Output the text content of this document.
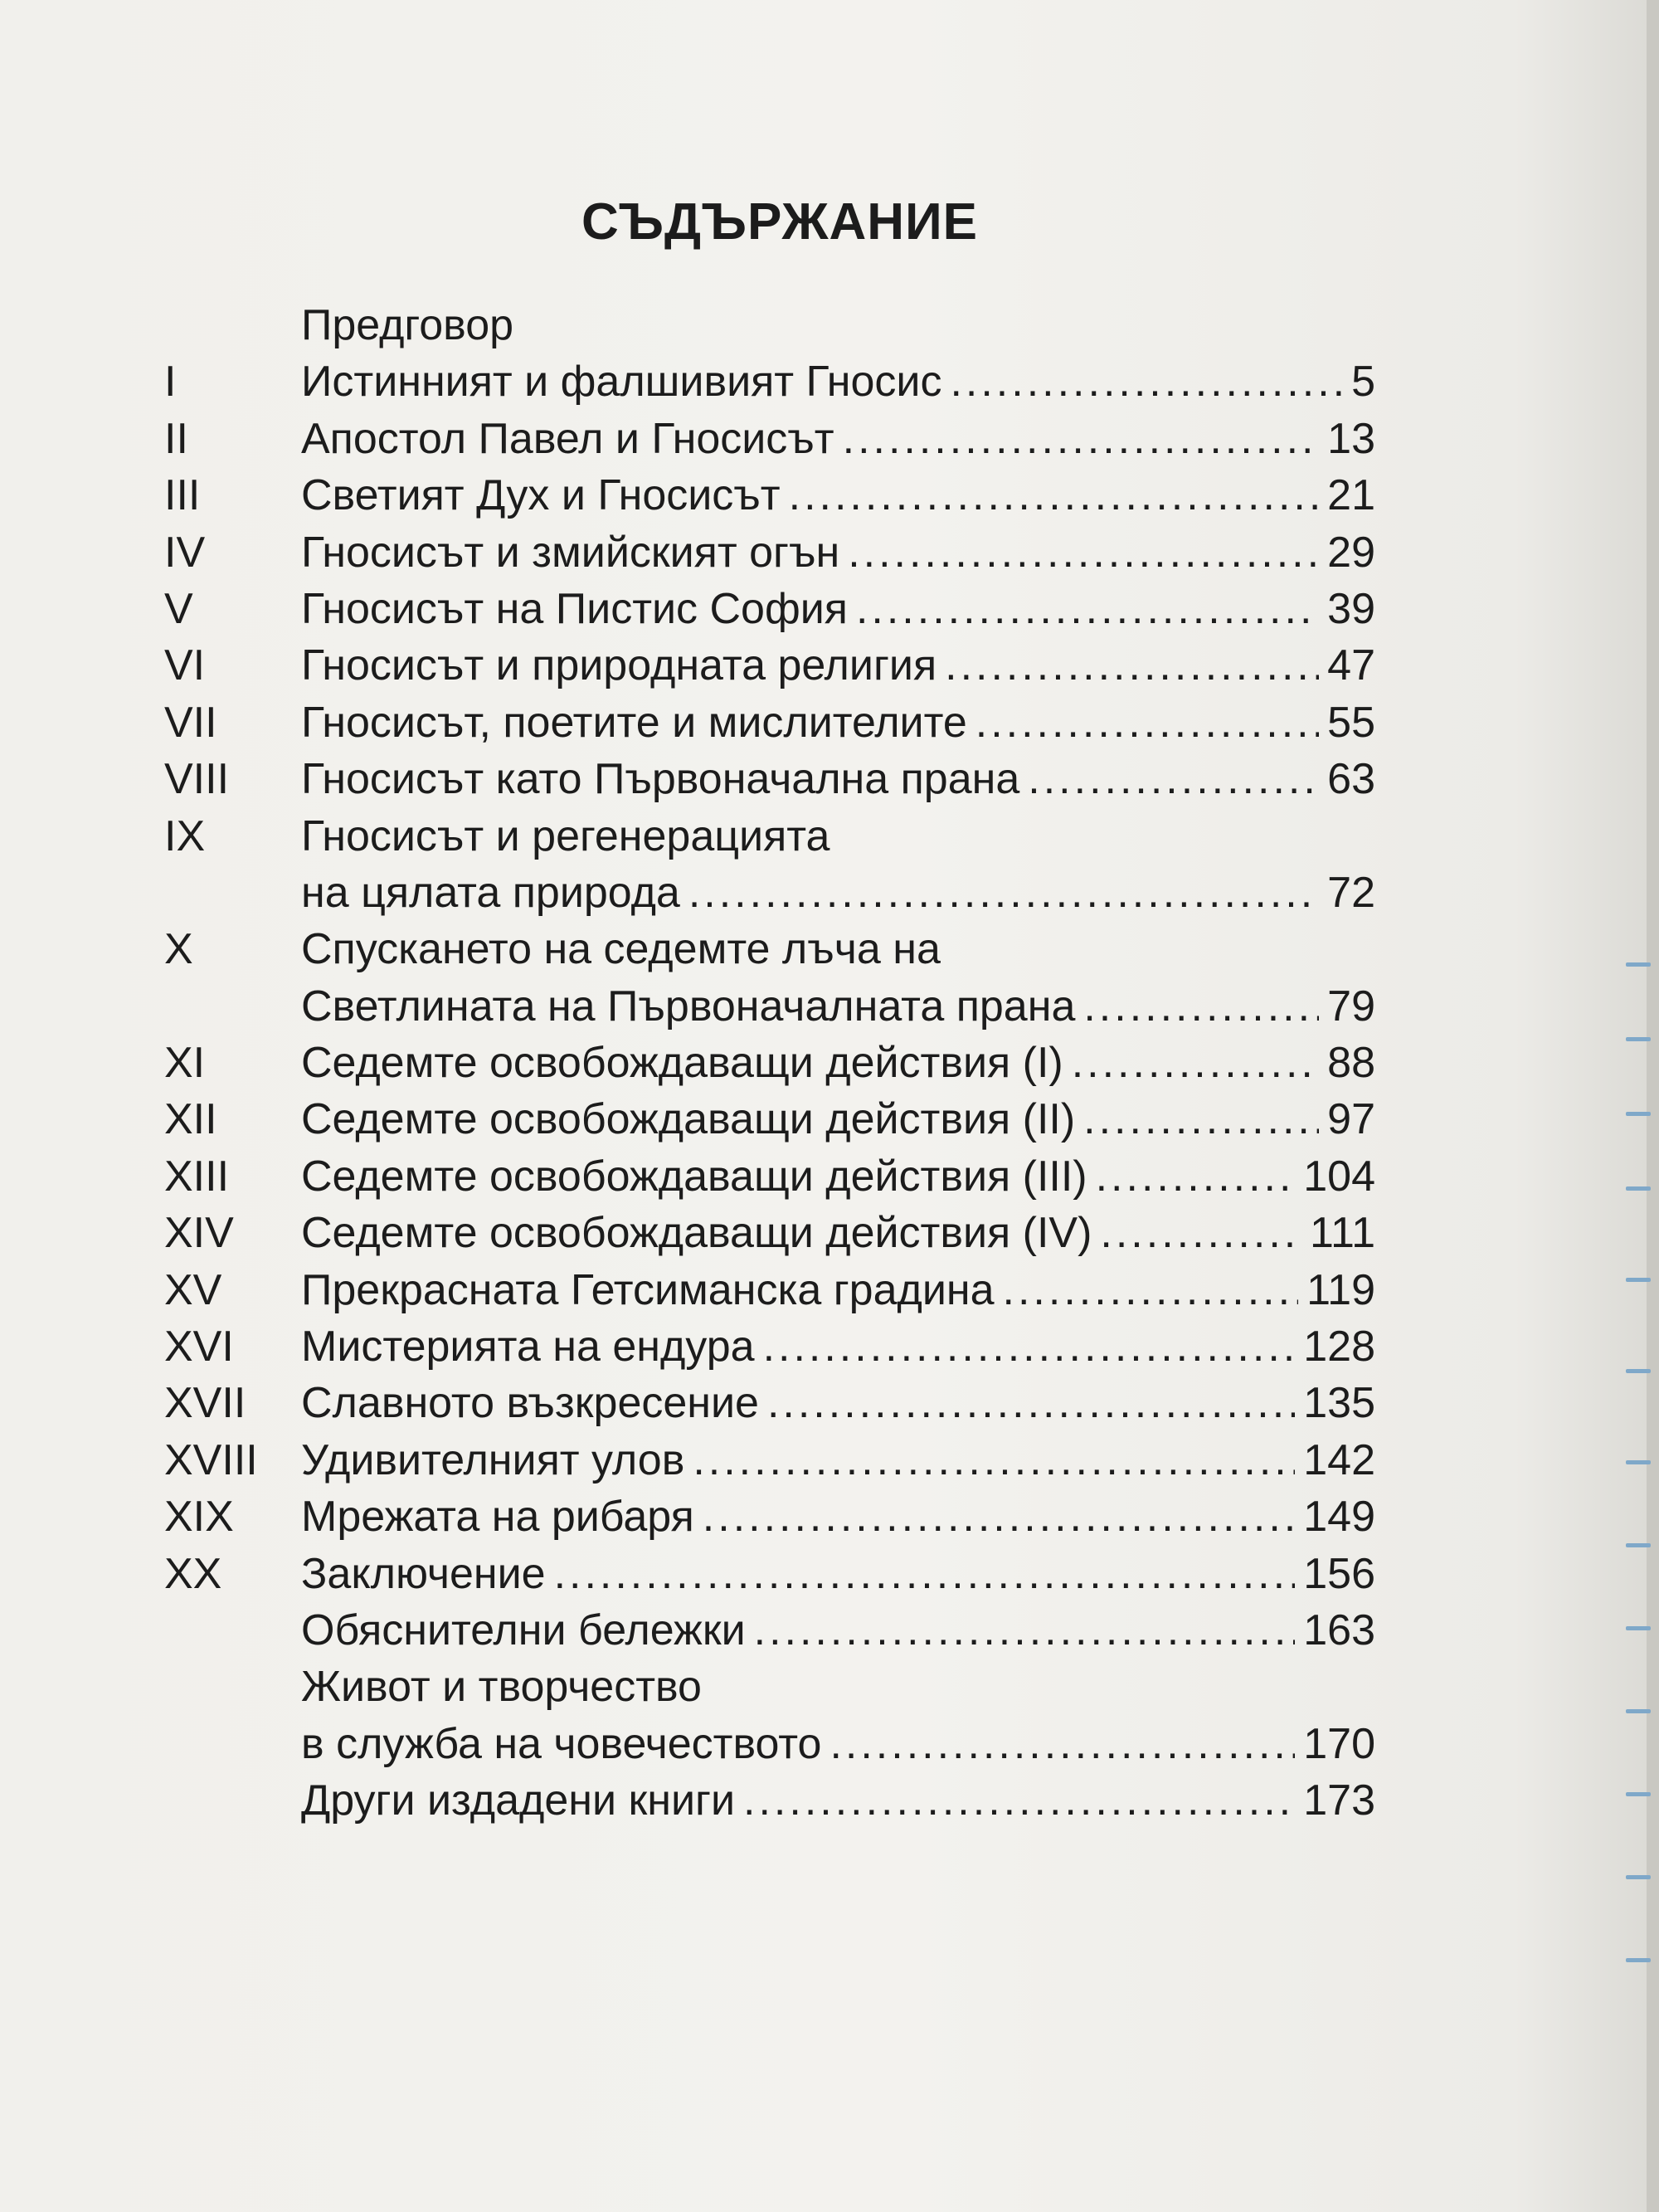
СЪДЪРЖАНИЕ
Предговор
I	Истинният и фалшивият Гносис .....	5
II	Апостол Павел и Гносисът .....	13
III	Светият Дух и Гносисът .....	21
IV	Гносисът и змийският огън .....	29
V	Гносисът на Пистис София .....	39
VI	Гносисът и природната религия .....	47
VII	Гносисът, поетите и мислителите .....	55
VIII	Гносисът като Първоначална прана .....	63
IX	Гносисът и регенерацията
на цялата природа .....	72
X	Спускането на седемте лъча на
Светлината на Първоначалната прана .....	79
XI	Седемте освобождаващи действия (I) .....	88
XII	Седемте освобождаващи действия (II) .....	97
XIII	Седемте освобождаващи действия (III) .....	104
XIV	Седемте освобождаващи действия (IV) .....	111
XV	Прекрасната Гетсиманска градина .....	119
XVI	Мистерията на ендура .....	128
XVII	Славното възкресение .....	135
XVIII	Удивителният улов .....	142
XIX	Мрежата на рибаря .....	149
XX	Заключение .....	156
Обяснителни бележки .....	163
Живот и творчество
в служба на човечеството .....	170
Други издадени книги .....	173
